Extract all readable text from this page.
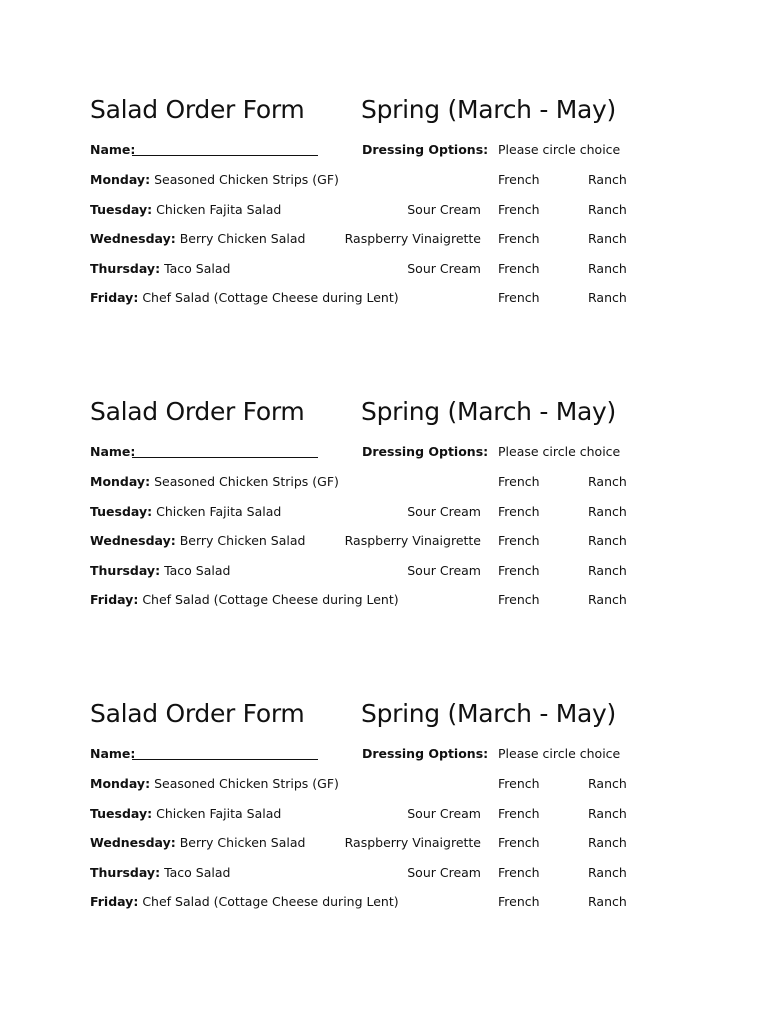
Salad Order Form Spring (March - May)
Name:	Dressing Options: Please circle choice
Monday: Seasoned Chicken Strips (GF)	French	Ranch
Tuesday: Chicken Fajita Salad	Sour Cream French	Ranch
Wednesday: Berry Chicken Salad	Raspberry Vinaigrette French	Ranch
Thursday: Taco Salad	Sour Cream French	Ranch
Friday: Chef Salad (Cottage Cheese during Lent)	French	Ranch
Salad Order Form Spring (March - May)
Name:	Dressing Options: Please circle choice
Monday: Seasoned Chicken Strips (GF)	French	Ranch
Tuesday: Chicken Fajita Salad	Sour Cream French	Ranch
Wednesday: Berry Chicken Salad	Raspberry Vinaigrette French	Ranch
Thursday: Taco Salad	Sour Cream French	Ranch
Friday: Chef Salad (Cottage Cheese during Lent)	French	Ranch
Salad Order Form Spring (March - May)
Name:	Dressing Options: Please circle choice
Monday: Seasoned Chicken Strips (GF)	French	Ranch
Tuesday: Chicken Fajita Salad	Sour Cream French	Ranch
Wednesday: Berry Chicken Salad	Raspberry Vinaigrette French	Ranch
Thursday: Taco Salad	Sour Cream French	Ranch
Friday: Chef Salad (Cottage Cheese during Lent)	French	Ranch
